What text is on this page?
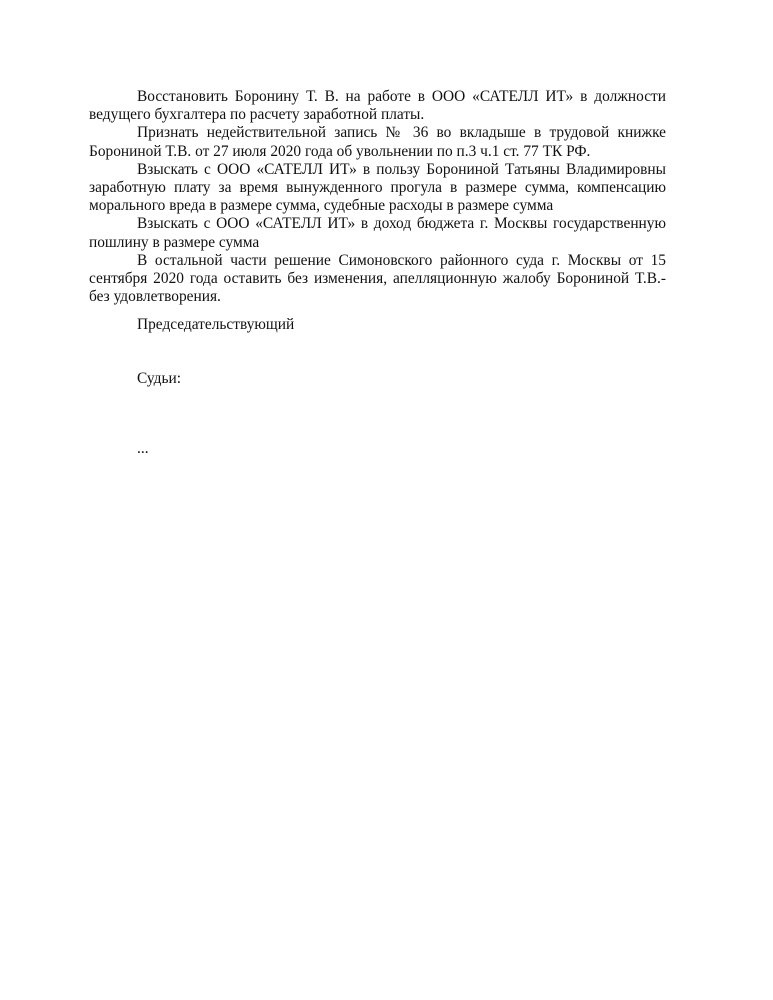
Восстановить Боронину Т. В. на работе в ООО «САТЕЛЛ ИТ» в должности ведущего бухгалтера по расчету заработной платы.

Признать недействительной запись № 36 во вкладыше в трудовой книжке Борониной Т.В. от 27 июля 2020 года об увольнении по п.3 ч.1 ст. 77 ТК РФ.

Взыскать с ООО «САТЕЛЛ ИТ» в пользу Борониной Татьяны Владимировны заработную плату за время вынужденного прогула в размере сумма, компенсацию морального вреда в размере сумма, судебные расходы в размере сумма

Взыскать с ООО «САТЕЛЛ ИТ» в доход бюджета г. Москвы государственную пошлину в размере сумма

В остальной части решение Симоновского районного суда г. Москвы от 15 сентября 2020 года оставить без изменения, апелляционную жалобу Борониной Т.В.- без удовлетворения.

Председательствующий
Судьи:
...
